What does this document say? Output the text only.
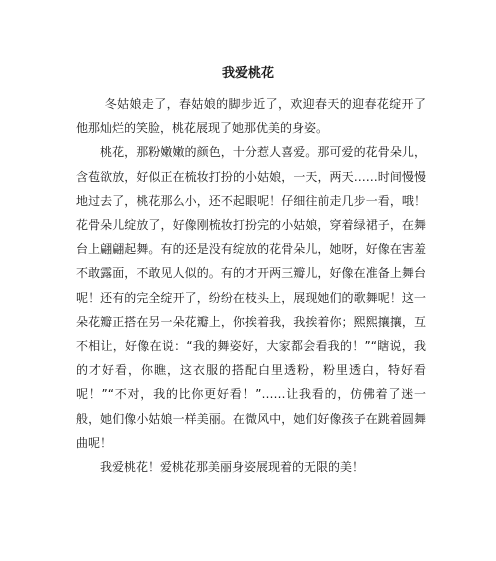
我爱桃花

冬姑娘走了，春姑娘的脚步近了，欢迎春天的迎春花绽开了他那灿烂的笑脸，桃花展现了她那优美的身姿。

桃花，那粉嫩嫩的颜色，十分惹人喜爱。那可爱的花骨朵儿，含苞欲放，好似正在梳妆打扮的小姑娘，一天，两天……时间慢慢地过去了，桃花那么小，还不起眼呢！仔细往前走几步一看，哦！花骨朵儿绽放了，好像刚梳妆打扮完的小姑娘，穿着绿裙子，在舞台上翩翩起舞。有的还是没有绽放的花骨朵儿，她呀，好像在害羞不敢露面，不敢见人似的。有的才开两三瓣儿，好像在准备上舞台呢！还有的完全绽开了，纷纷在枝头上，展现她们的歌舞呢！这一朵花瓣正搭在另一朵花瓣上，你挨着我，我挨着你；熙熙攘攘，互不相让，好像在说：“我的舞姿好，大家都会看我的！”“瞎说，我的才好看，你瞧，这衣服的搭配白里透粉，粉里透白，特好看呢！”“不对，我的比你更好看！”……让我看的，仿佛着了迷一般，她们像小姑娘一样美丽。在微风中，她们好像孩子在跳着圆舞曲呢！

我爱桃花！爱桃花那美丽身姿展现着的无限的美！
